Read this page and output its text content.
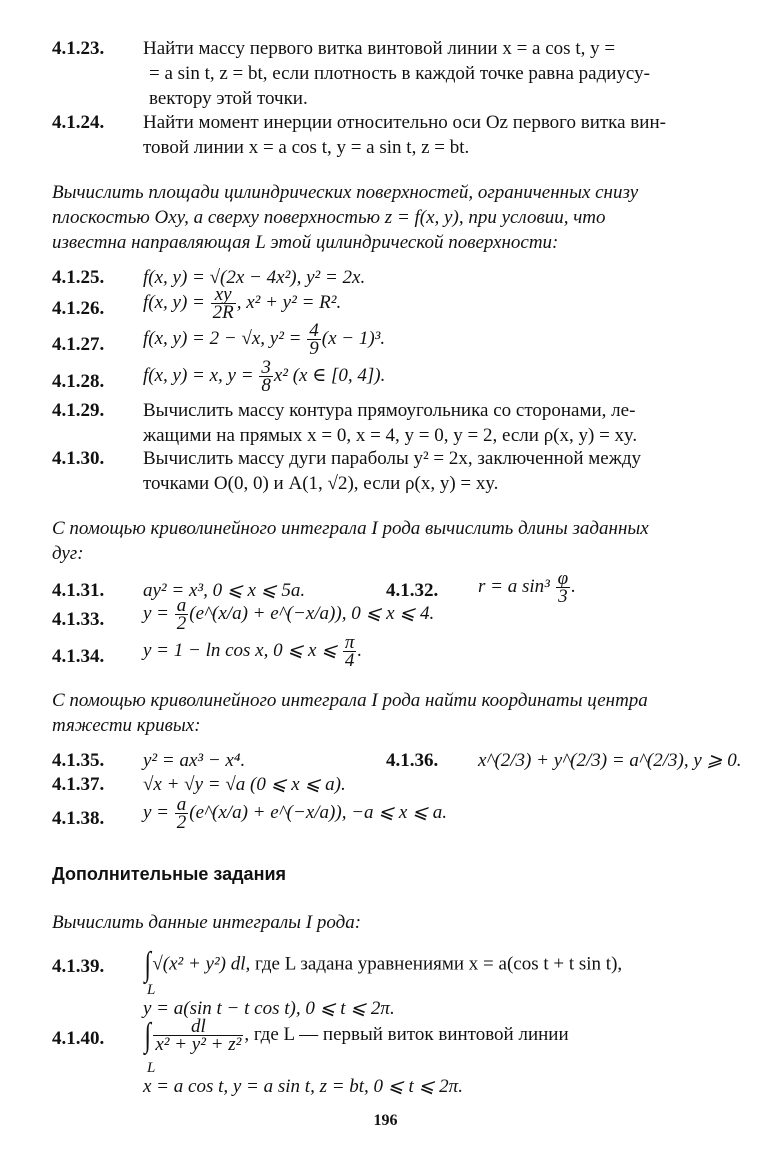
4.1.23. Найти массу первого витка винтовой линии x = a cos t, y =
= a sin t, z = bt, если плотность в каждой точке равна радиусу-
вектору этой точки.
4.1.24. Найти момент инерции относительно оси Oz первого витка вин-
товой линии x = a cos t, y = a sin t, z = bt.
Вычислить площади цилиндрических поверхностей, ограниченных снизу
плоскостью Oxy, а сверху поверхностью z = f(x, y), при условии, что
известна направляющая L этой цилиндрической поверхности:
4.1.25. f(x, y) = √(2x − 4x²), y² = 2x.
4.1.26. f(x, $y) = \frac{xy}{2R}$ , x² + y² = R².
4.1.27. f(x, y) = 2 − √x, $y^2 = \frac{4}{9} (x - 1)^3$.
4.1.28. f(x, y) = x, $y = \frac{3}{8} x^2$ (x ∈ [0, 4]).
4.1.29. Вычислить массу контура прямоугольника со сторонами, ле-
жащими на прямых x = 0, x = 4, y = 0, y = 2, если ρ(x, y) = xy.
4.1.30. Вычислить массу дуги параболы y² = 2x, заключенной между
точками O(0, 0) и A(1, √2), если ρ(x, y) = xy.
С помощью криволинейного интеграла I рода вычислить длины заданных
дуг:
4.1.31. ay² = x³, 0 ⩽ x ⩽ 5a.	4.1.32. r = a $\sin^3 \frac{\varphi}{3}$ .
4.1.33. $y = \frac{a}{2}$ (e^(x/a) + e^(−x/a)), 0 ⩽ x ⩽ 4.
4.1.34. y = 1 − ln cos x, 0 ⩽ x ⩽ $\frac{\pi}{4}$ .
С помощью криволинейного интеграла I рода найти координаты центра
тяжести кривых:
4.1.35. y² = ax³ − x⁴.	4.1.36. x^(2/3) + y^(2/3) = a^(2/3), y ⩾ 0.
4.1.37. √x + √y = √a (0 ⩽ x ⩽ a).
4.1.38. $y = \frac{a}{2}$ (e^(x/a) + e^(−x/a)), −a ⩽ x ⩽ a.
Дополнительные задания
Вычислить данные интегралы I рода:
4.1.39. ∫√(x² + y²) dl, где L задана уравнениями x = a(cos t + t sin t),
L
y = a(sin t − t cos t), 0 ⩽ t ⩽ 2π.
4.1.40. ∫ $\frac{dl}{\text{x² + y² + z²}}$ , где L — первый виток винтовой линии
L
x = a cos t, y = a sin t, z = bt, 0 ⩽ t ⩽ 2π.
196
